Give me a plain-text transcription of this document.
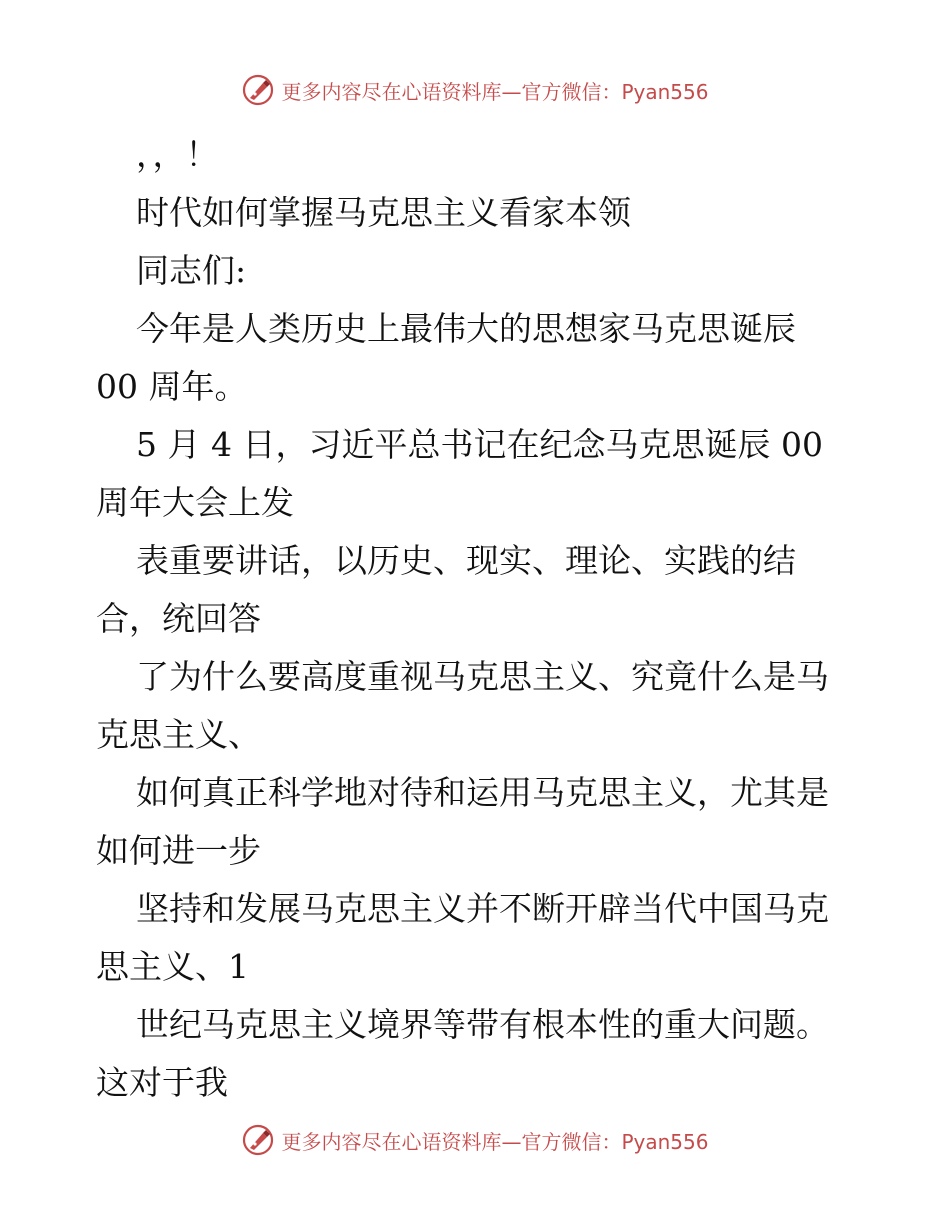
更多内容尽在心语资料库—官方微信：Pyan556
，，！
时代如何掌握马克思主义看家本领
同志们:
今年是人类历史上最伟大的思想家马克思诞辰
00 周年。
5 月 4 日，习近平总书记在纪念马克思诞辰 00
周年大会上发
表重要讲话，以历史、现实、理论、实践的结
合，统回答
了为什么要高度重视马克思主义、究竟什么是马
克思主义、
如何真正科学地对待和运用马克思主义，尤其是
如何进一步
坚持和发展马克思主义并不断开辟当代中国马克
思主义、1
世纪马克思主义境界等带有根本性的重大问题。
这对于我
更多内容尽在心语资料库—官方微信：Pyan556
